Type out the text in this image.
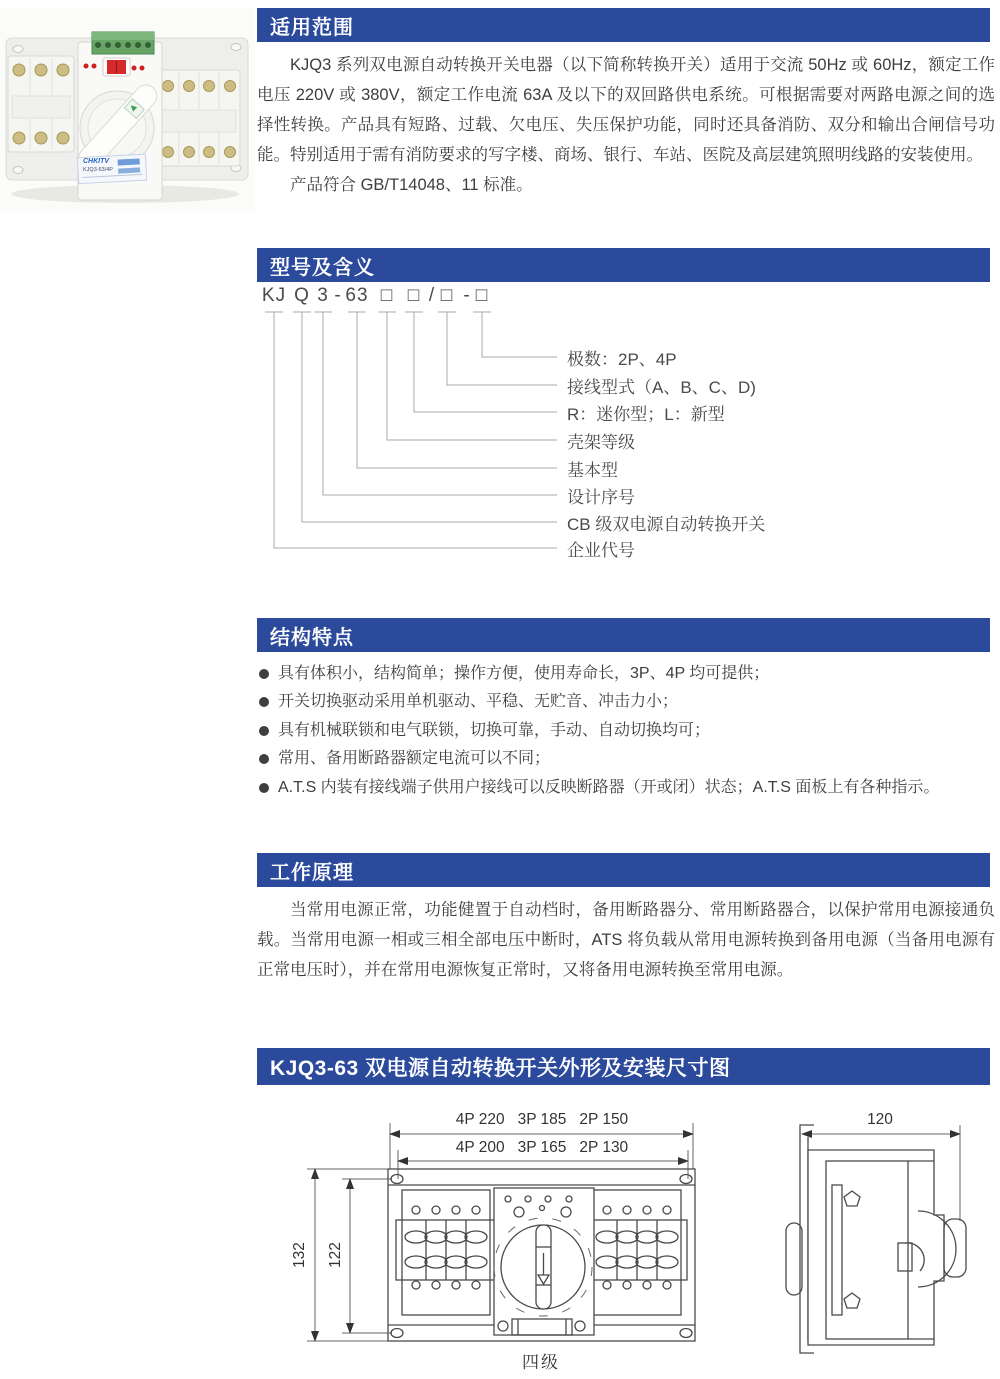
CHKITV
KJQ3-63/4P
适用范围

KJQ3 系列双电源自动转换开关电器（以下简称转换开关）适用于交流 50Hz 或 60Hz，额定工作电压 220V 或 380V，额定工作电流 63A 及以下的双回路供电系统。可根据需要对两路电源之间的选择性转换。产品具有短路、过载、欠电压、失压保护功能，同时还具备消防、双分和输出合闸信号功能。特别适用于需有消防要求的写字楼、商场、银行、车站、医院及高层建筑照明线路的安装使用。

产品符合 GB/T14048、11 标准。

型号及含义
KJ Q 3 - 63 □ □ / □ - □
极数：2P、4P
接线型式（A、B、C、D)
R：迷你型；L：新型
壳架等级
基本型
设计序号
CB 级双电源自动转换开关
企业代号
结构特点
具有体积小，结构简单；操作方便，使用寿命长，3P、4P 均可提供；
开关切换驱动采用单机驱动、平稳、无贮音、冲击力小；
具有机械联锁和电气联锁，切换可靠，手动、自动切换均可；
常用、备用断路器额定电流可以不同；
A.T.S 内装有接线端子供用户接线可以反映断路器（开或闭）状态；A.T.S 面板上有各种指示。
工作原理

当常用电源正常，功能健置于自动档时，备用断路器分、常用断路器合，以保护常用电源接通负载。当常用电源一相或三相全部电压中断时，ATS 将负载从常用电源转换到备用电源（当备用电源有正常电压时），并在常用电源恢复正常时，又将备用电源转换至常用电源。

KJQ3-63 双电源自动转换开关外形及安装尺寸图
4P 220   3P 185   2P 150
4P 200   3P 165   2P 130
132 122
四级
120
